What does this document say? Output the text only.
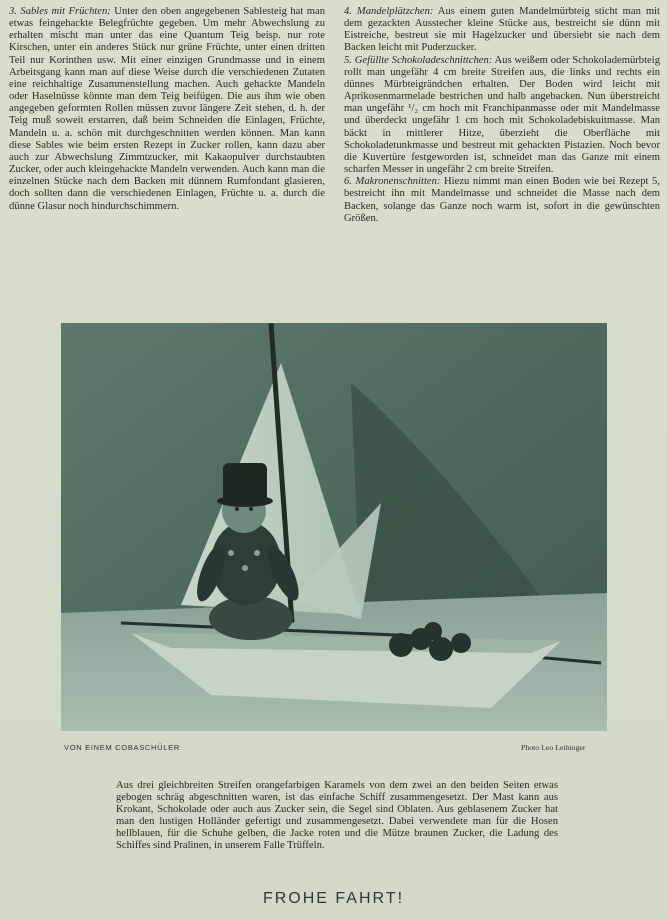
3. Sables mit Früchten: Unter den oben angegebenen Sablesteig hat man etwas feingehackte Belegfrüchte gegeben. Um mehr Abwechslung zu erhalten mischt man unter das eine Quantum Teig beisp. nur rote Kirschen, unter ein anderes Stück nur grüne Früchte, unter einen dritten Teil nur Korinthen usw. Mit einer einzigen Grundmasse und in einem Arbeitsgang kann man auf diese Weise durch die verschiedenen Zutaten eine reichhaltige Zusammenstellung machen. Auch gehackte Mandeln oder Haselnüsse könnte man dem Teig beifügen. Die aus ihm wie oben angegeben geformten Rollen müssen zuvor längere Zeit stehen, d. h. der Teig muß soweit erstarren, daß beim Schneiden die Einlagen, Früchte, Mandeln u. a. schön mit durchgeschnitten werden können. Man kann diese Sables wie beim ersten Rezept in Zucker rollen, kann dazu aber auch zur Abwechslung Zimmtzucker, mit Kakaopulver durchstaubten Zucker, oder auch kleingehackte Mandeln verwenden. Auch kann man die einzelnen Stücke nach dem Backen mit dünnem Rumfondant glasieren, doch sollten dann die verschiedenen Einlagen, Früchte u. a. durch die dünne Glasur noch hindurchschimmern.

4. Mandelplätzchen: Aus einem guten Mandelmürbteig sticht man mit dem gezackten Ausstecher kleine Stücke aus, bestreicht sie dünn mit Eistreiche, bestreut sie mit Hagelzucker und übersiebt sie nach dem Backen leicht mit Puderzucker.

5. Gefüllte Schokoladeschnittchen: Aus weißem oder Schokolademürbteig rollt man ungefähr 4 cm breite Streifen aus, die links und rechts ein dünnes Mürbteigrändchen erhalten. Der Boden wird leicht mit Aprikosenmarmelade bestrichen und halb angebacken. Nun überstreicht man ungefähr ¹/₂ cm hoch mit Franchipanmasse oder mit Mandelmasse und überdeckt ungefähr 1 cm hoch mit Schokoladebiskuitmasse. Man bäckt in mittlerer Hitze, überzieht die Oberfläche mit Schokoladetunkmasse und bestreut mit gehackten Pistazien. Noch bevor die Kuvertüre festgeworden ist, schneidet man das Ganze mit einem scharfen Messer in ungefähr 2 cm breite Streifen.

6. Makronenschnitten: Hiezu nimmt man einen Boden wie bei Rezept 5, bestreicht ihn mit Mandelmasse und schneidet die Masse nach dem Backen, solange das Ganze noch warm ist, sofort in die gewünschten Größen.

VON EINEM COBASCHÜLER	Photo Leo Leibinger
Aus drei gleichbreiten Streifen orangefarbigen Karamels von dem zwei an den beiden Seiten etwas gebogen schräg abgeschnitten waren, ist das einfache Schiff zusammengesetzt. Der Mast kann aus Krokant, Schokolade oder auch aus Zucker sein, die Segel sind Oblaten. Aus geblasenem Zucker hat man den lustigen Holländer gefertigt und zusammengesetzt. Dabei verwendete man für die Hosen hellblauen, für die Schuhe gelben, die Jacke roten und die Mütze braunen Zucker, die Ladung des Schiffes sind Pralinen, in unserem Falle Trüffeln.
FROHE FAHRT!
